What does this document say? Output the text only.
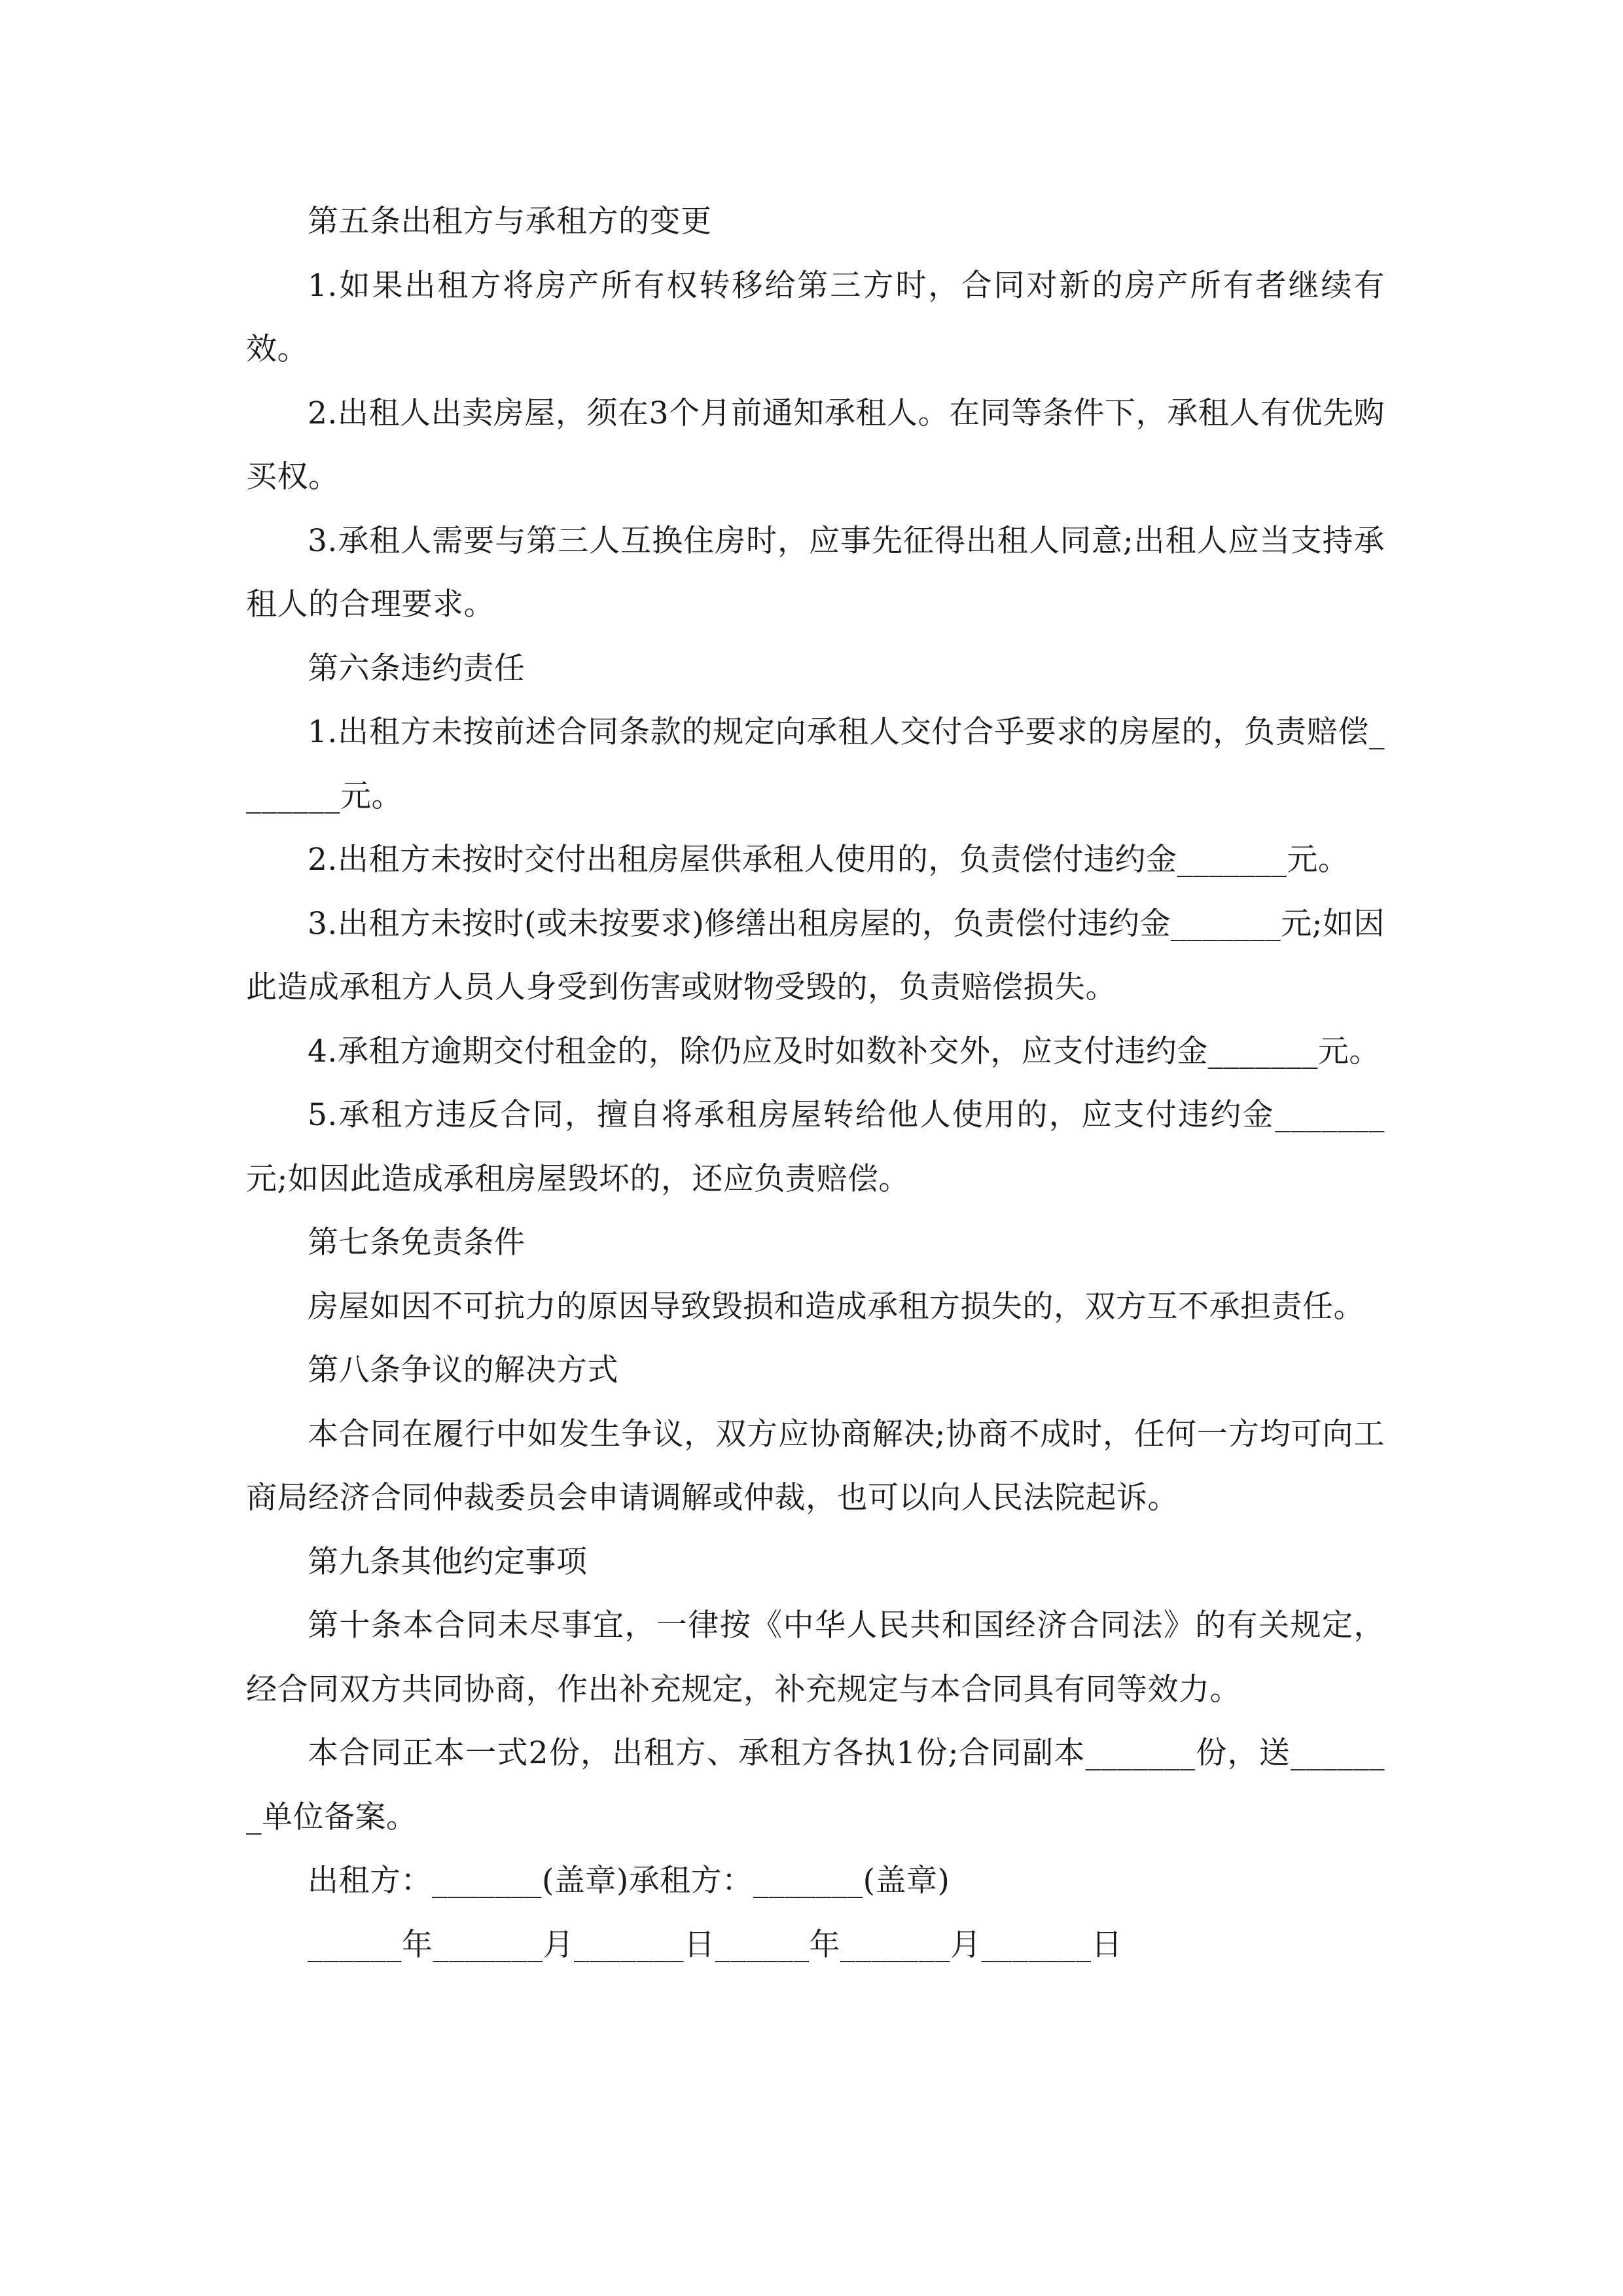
第五条出租方与承租方的变更

1.如果出租方将房产所有权转移给第三方时，合同对新的房产所有者继续有效。

2.出租人出卖房屋，须在3个月前通知承租人。在同等条件下，承租人有优先购买权。

3.承租人需要与第三人互换住房时，应事先征得出租人同意;出租人应当支持承租人的合理要求。

第六条违约责任

1.出租方未按前述合同条款的规定向承租人交付合乎要求的房屋的，负责赔偿_______元。

2.出租方未按时交付出租房屋供承租人使用的，负责偿付违约金_______元。

3.出租方未按时(或未按要求)修缮出租房屋的，负责偿付违约金_______元;如因此造成承租方人员人身受到伤害或财物受毁的，负责赔偿损失。

4.承租方逾期交付租金的，除仍应及时如数补交外，应支付违约金_______元。

5.承租方违反合同，擅自将承租房屋转给他人使用的，应支付违约金_______元;如因此造成承租房屋毁坏的，还应负责赔偿。

第七条免责条件

房屋如因不可抗力的原因导致毁损和造成承租方损失的，双方互不承担责任。

第八条争议的解决方式

本合同在履行中如发生争议，双方应协商解决;协商不成时，任何一方均可向工商局经济合同仲裁委员会申请调解或仲裁，也可以向人民法院起诉。

第九条其他约定事项

第十条本合同未尽事宜，一律按《中华人民共和国经济合同法》的有关规定，经合同双方共同协商，作出补充规定，补充规定与本合同具有同等效力。

本合同正本一式2份，出租方、承租方各执1份;合同副本_______份，送_______单位备案。

出租方：_______(盖章)承租方：_______(盖章)

______年_______月_______日______年_______月_______日
